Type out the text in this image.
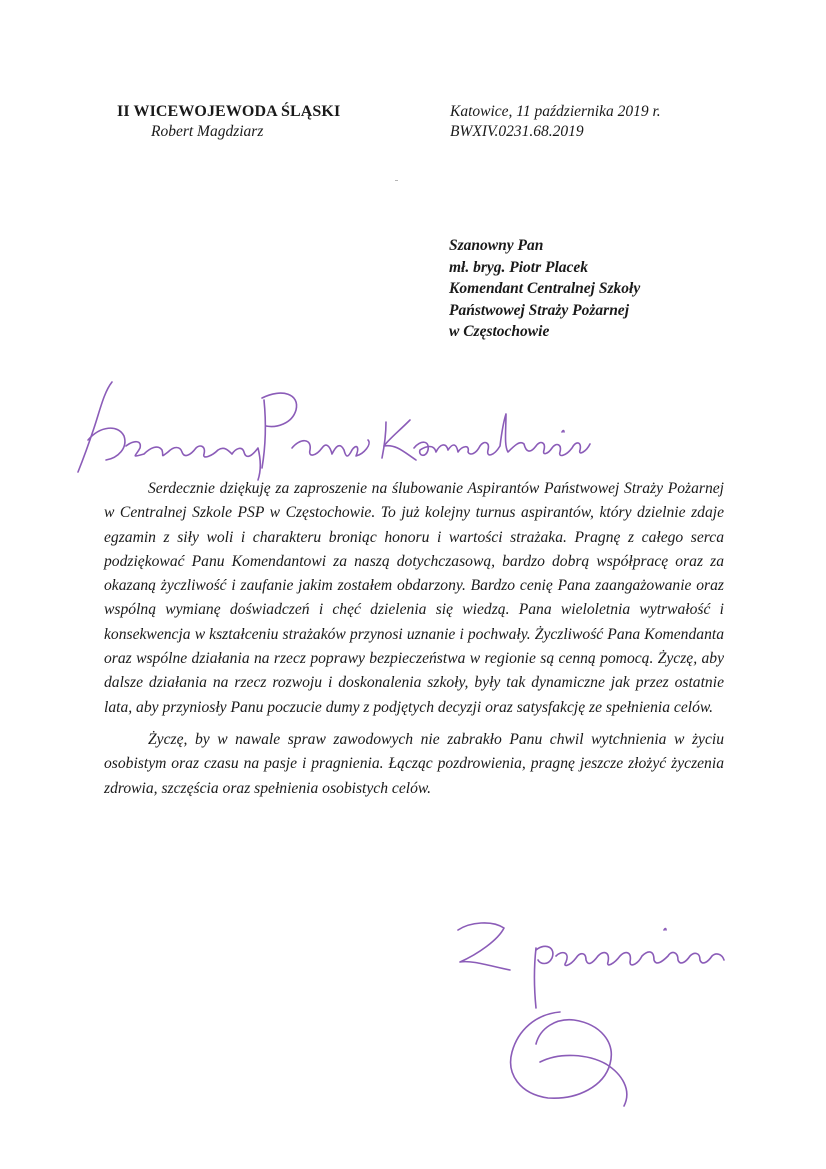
II WICEWOJEWODA ŚLĄSKI
Robert Magdziarz
Katowice, 11 października 2019 r.
BWXIV.0231.68.2019
Szanowny Pan
mł. bryg. Piotr Placek
Komendant Centralnej Szkoły
Państwowej Straży Pożarnej
w Częstochowie

Serdecznie dziękuję za zaproszenie na ślubowanie Aspirantów Państwowej Straży Pożarnej w Centralnej Szkole PSP w Częstochowie. To już kolejny turnus aspirantów, który dzielnie zdaje egzamin z siły woli i charakteru broniąc honoru i wartości strażaka. Pragnę z całego serca podziękować Panu Komendantowi za naszą dotychczasową, bardzo dobrą współpracę oraz za okazaną życzliwość i zaufanie jakim zostałem obdarzony. Bardzo cenię Pana zaangażowanie oraz wspólną wymianę doświadczeń i chęć dzielenia się wiedzą. Pana wieloletnia wytrwałość i konsekwencja w kształceniu strażaków przynosi uznanie i pochwały. Życzliwość Pana Komendanta oraz wspólne działania na rzecz poprawy bezpieczeństwa w regionie są cenną pomocą. Życzę, aby dalsze działania na rzecz rozwoju i doskonalenia szkoły, były tak dynamiczne jak przez ostatnie lata, aby przyniosły Panu poczucie dumy z podjętych decyzji oraz satysfakcję ze spełnienia celów.

Życzę, by w nawale spraw zawodowych nie zabrakło Panu chwil wytchnienia w życiu osobistym oraz czasu na pasje i pragnienia. Łącząc pozdrowienia, pragnę jeszcze złożyć życzenia zdrowia, szczęścia oraz spełnienia osobistych celów.
